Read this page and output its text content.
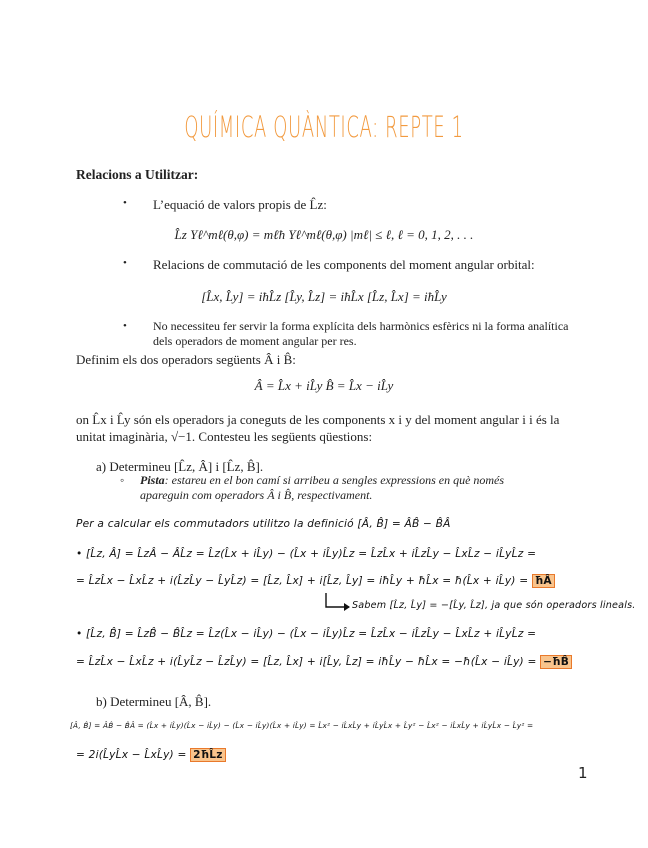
QUÍMICA QUÀNTICA: REPTE 1
Relacions a Utilitzar:
• L’equació de valors propis de L̂z:
L̂z Yℓ^mℓ(θ,φ) = mℓħ Yℓ^mℓ(θ,φ) |mℓ| ≤ ℓ, ℓ = 0, 1, 2, . . .
• Relacions de commutació de les components del moment angular orbital:
[L̂x, L̂y] = iħL̂z [L̂y, L̂z] = iħL̂x [L̂z, L̂x] = iħL̂y
• No necessiteu fer servir la forma explícita dels harmònics esfèrics ni la forma analítica
dels operadors de moment angular per res.
Definim els dos operadors següents Â i B̂:
Â = L̂x + iL̂y B̂ = L̂x − iL̂y
on L̂x i L̂y són els operadors ja coneguts de les components x i y del moment angular i i és la
unitat imaginària, √−1. Contesteu les següents qüestions:
a) Determineu [L̂z, Â] i [L̂z, B̂].
◦	Pista: estareu en el bon camí si arribeu a sengles expressions en què només
apareguin com operadors Â i B̂, respectivament.
Per a calcular els commutadors utilitzo la definició [Â, B̂] = ÂB̂ − B̂Â
• [L̂z, Â] = L̂zÂ − ÂL̂z = L̂z(L̂x + iL̂y) − (L̂x + iL̂y)L̂z = L̂zL̂x + iL̂zL̂y − L̂xL̂z − iL̂yL̂z =
= L̂zL̂x − L̂xL̂z + i(L̂zL̂y − L̂yL̂z) = [L̂z, L̂x] + i[L̂z, L̂y] = iħL̂y + ħL̂x = ħ(L̂x + iL̂y) = ħÂ
Sabem [L̂z, L̂y] = −[L̂y, L̂z], ja que són operadors lineals.
• [L̂z, B̂] = L̂zB̂ − B̂L̂z = L̂z(L̂x − iL̂y) − (L̂x − iL̂y)L̂z = L̂zL̂x − iL̂zL̂y − L̂xL̂z + iL̂yL̂z =
= L̂zL̂x − L̂xL̂z + i(L̂yL̂z − L̂zL̂y) = [L̂z, L̂x] + i[L̂y, L̂z] = iħL̂y − ħL̂x = −ħ(L̂x − iL̂y) = −ħB̂
b) Determineu [Â, B̂].
[Â, B̂] = ÂB̂ − B̂Â = (L̂x + iL̂y)(L̂x − iL̂y) − (L̂x − iL̂y)(L̂x + iL̂y) = L̂x² − iL̂xL̂y + iL̂yL̂x + L̂y² − L̂x² − iL̂xL̂y + iL̂yL̂x − L̂y² =
= 2i(L̂yL̂x − L̂xL̂y) = 2ħL̂z
1
